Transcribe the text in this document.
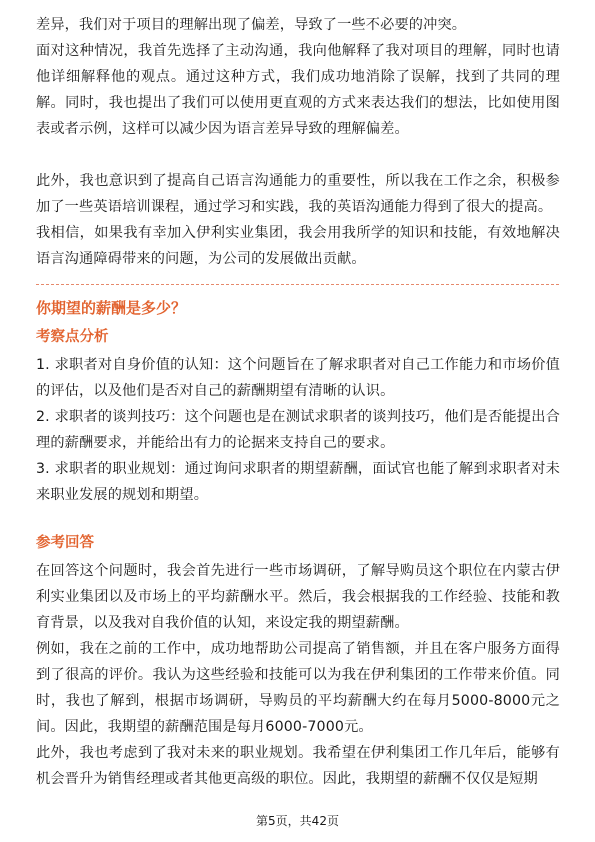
差异，我们对于项目的理解出现了偏差，导致了一些不必要的冲突。

面对这种情况，我首先选择了主动沟通，我向他解释了我对项目的理解，同时也请他详细解释他的观点。通过这种方式，我们成功地消除了误解，找到了共同的理解。同时，我也提出了我们可以使用更直观的方式来表达我们的想法，比如使用图表或者示例，这样可以减少因为语言差异导致的理解偏差。

此外，我也意识到了提高自己语言沟通能力的重要性，所以我在工作之余，积极参加了一些英语培训课程，通过学习和实践，我的英语沟通能力得到了很大的提高。

我相信，如果我有幸加入伊利实业集团，我会用我所学的知识和技能，有效地解决语言沟通障碍带来的问题，为公司的发展做出贡献。

你期望的薪酬是多少？
考察点分析

1. 求职者对自身价值的认知：这个问题旨在了解求职者对自己工作能力和市场价值的评估，以及他们是否对自己的薪酬期望有清晰的认识。

2. 求职者的谈判技巧：这个问题也是在测试求职者的谈判技巧，他们是否能提出合理的薪酬要求，并能给出有力的论据来支持自己的要求。

3. 求职者的职业规划：通过询问求职者的期望薪酬，面试官也能了解到求职者对未来职业发展的规划和期望。

参考回答

在回答这个问题时，我会首先进行一些市场调研，了解导购员这个职位在内蒙古伊利实业集团以及市场上的平均薪酬水平。然后，我会根据我的工作经验、技能和教育背景，以及我对自我价值的认知，来设定我的期望薪酬。

例如，我在之前的工作中，成功地帮助公司提高了销售额，并且在客户服务方面得到了很高的评价。我认为这些经验和技能可以为我在伊利集团的工作带来价值。同时，我也了解到，根据市场调研，导购员的平均薪酬大约在每月5000-8000元之间。因此，我期望的薪酬范围是每月6000-7000元。

此外，我也考虑到了我对未来的职业规划。我希望在伊利集团工作几年后，能够有机会晋升为销售经理或者其他更高级的职位。因此，我期望的薪酬不仅仅是短期

第5页，共42页
